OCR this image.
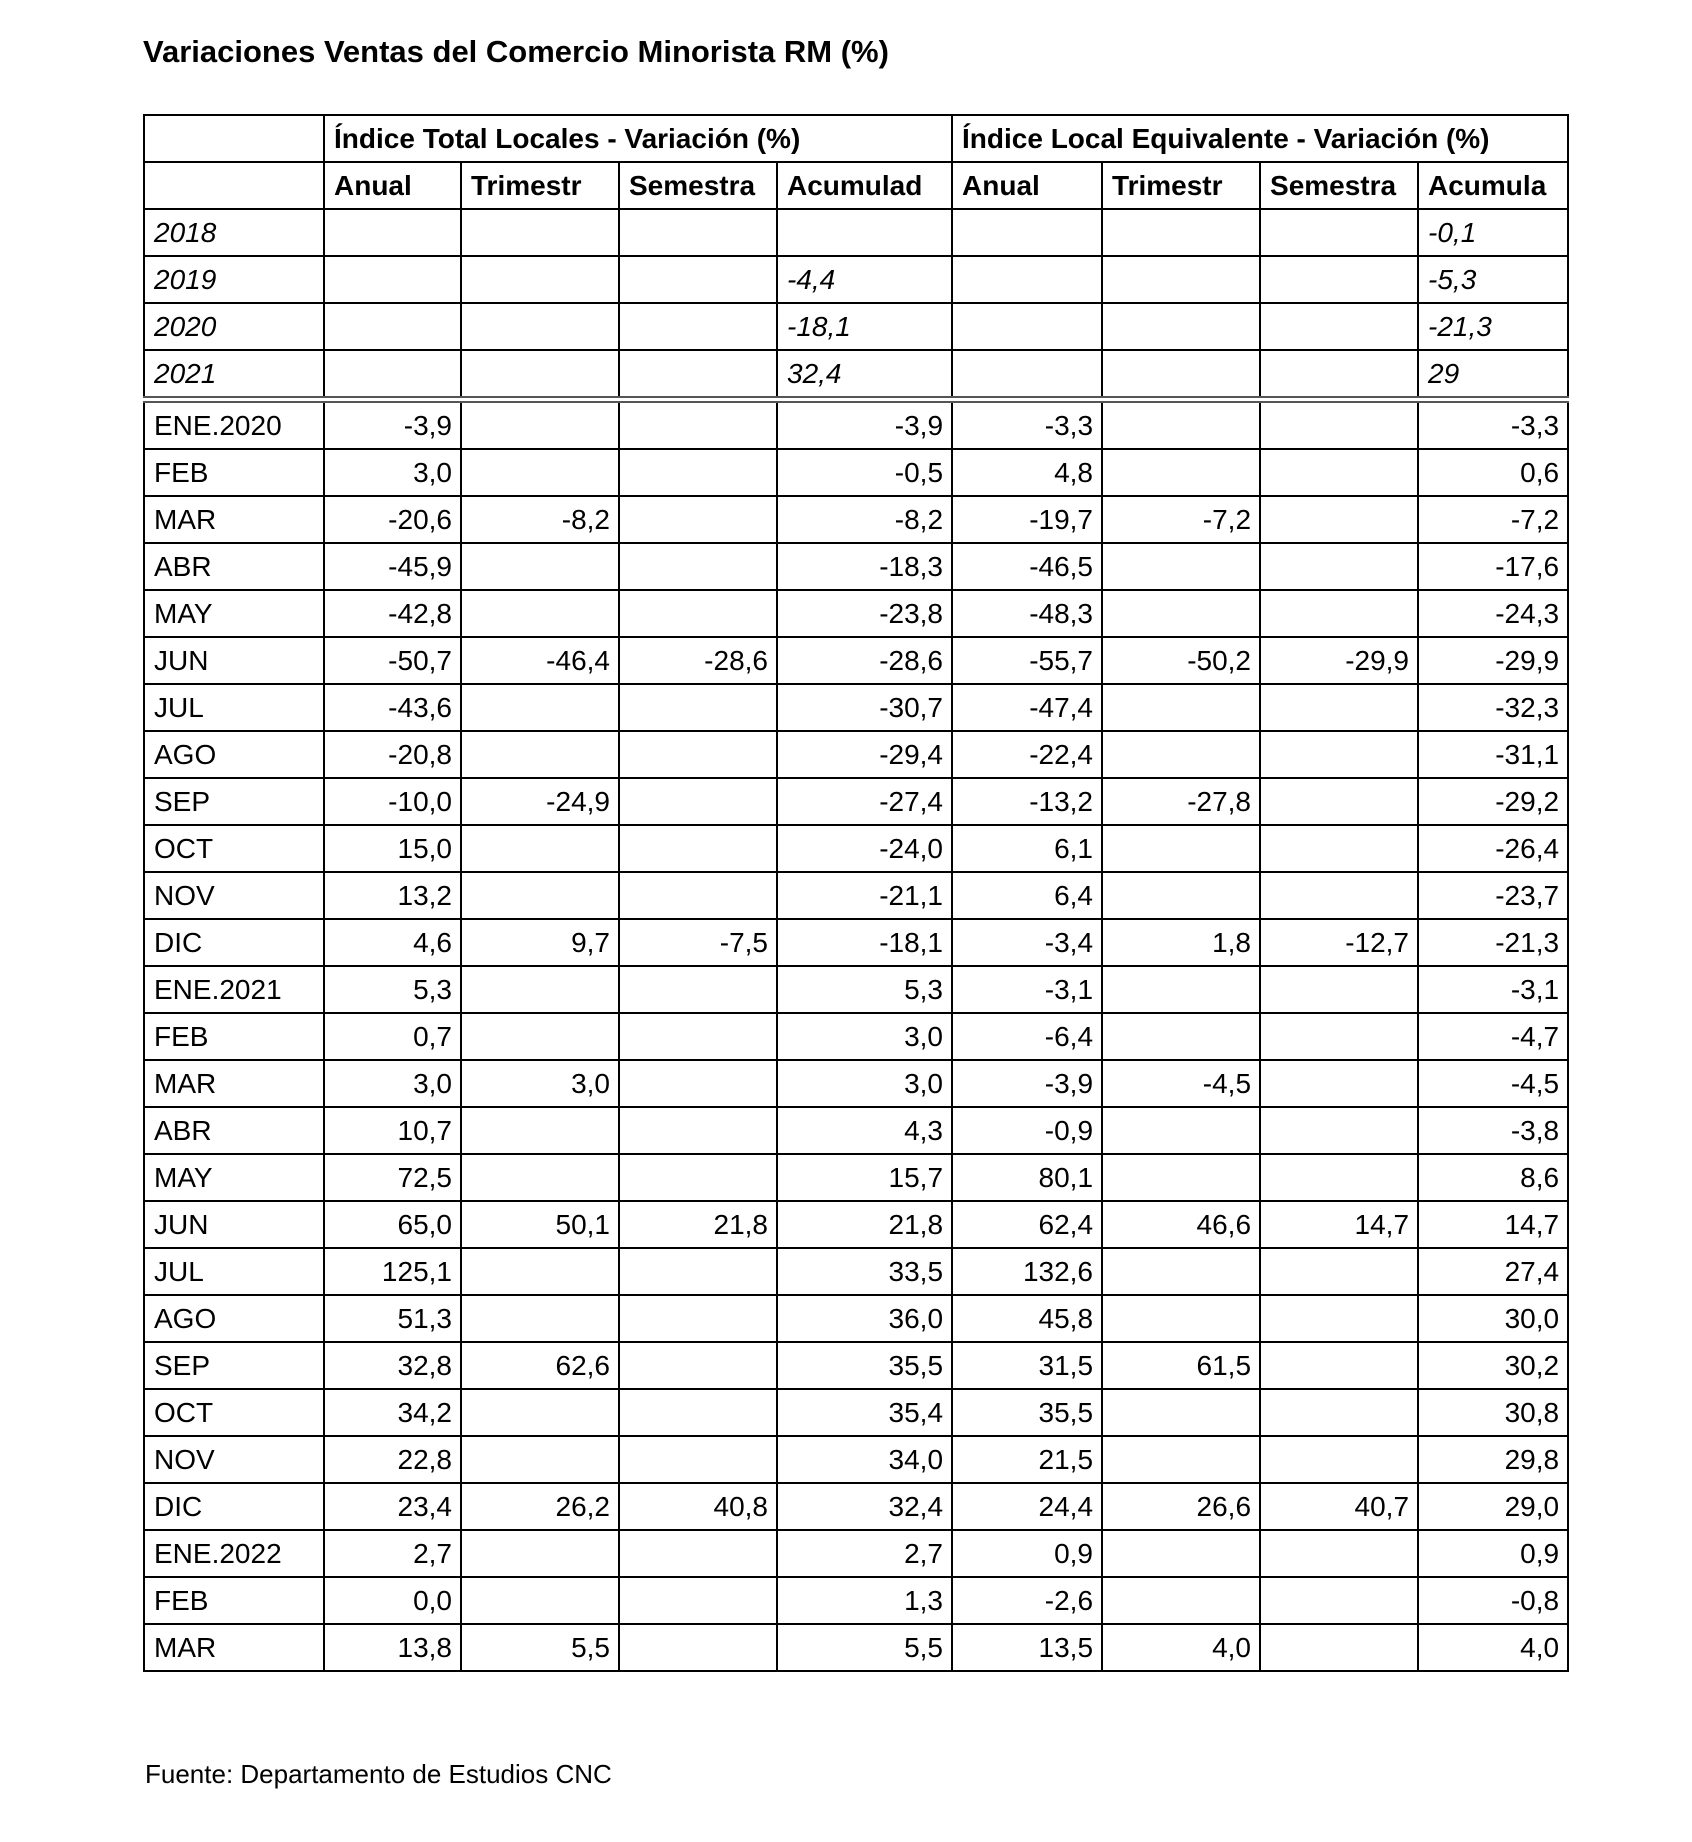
Variaciones Ventas del Comercio Minorista RM (%)
	Índice Total Locales - Variación (%)				Índice Local Equivalente - Variación (%)			
	Anual	Trimestr	Semestra	Acumulad	Anual	Trimestr	Semestra	Acumula
2018								-0,1
2019				-4,4				-5,3
2020				-18,1				-21,3
2021				32,4				29
ENE.2020	-3,9			-3,9	-3,3			-3,3
FEB	3,0			-0,5	4,8			0,6
MAR	-20,6	-8,2		-8,2	-19,7	-7,2		-7,2
ABR	-45,9			-18,3	-46,5			-17,6
MAY	-42,8			-23,8	-48,3			-24,3
JUN	-50,7	-46,4	-28,6	-28,6	-55,7	-50,2	-29,9	-29,9
JUL	-43,6			-30,7	-47,4			-32,3
AGO	-20,8			-29,4	-22,4			-31,1
SEP	-10,0	-24,9		-27,4	-13,2	-27,8		-29,2
OCT	15,0			-24,0	6,1			-26,4
NOV	13,2			-21,1	6,4			-23,7
DIC	4,6	9,7	-7,5	-18,1	-3,4	1,8	-12,7	-21,3
ENE.2021	5,3			5,3	-3,1			-3,1
FEB	0,7			3,0	-6,4			-4,7
MAR	3,0	3,0		3,0	-3,9	-4,5		-4,5
ABR	10,7			4,3	-0,9			-3,8
MAY	72,5			15,7	80,1			8,6
JUN	65,0	50,1	21,8	21,8	62,4	46,6	14,7	14,7
JUL	125,1			33,5	132,6			27,4
AGO	51,3			36,0	45,8			30,0
SEP	32,8	62,6		35,5	31,5	61,5		30,2
OCT	34,2			35,4	35,5			30,8
NOV	22,8			34,0	21,5			29,8
DIC	23,4	26,2	40,8	32,4	24,4	26,6	40,7	29,0
ENE.2022	2,7			2,7	0,9			0,9
FEB	0,0			1,3	-2,6			-0,8
MAR	13,8	5,5		5,5	13,5	4,0		4,0
Fuente: Departamento de Estudios CNC
